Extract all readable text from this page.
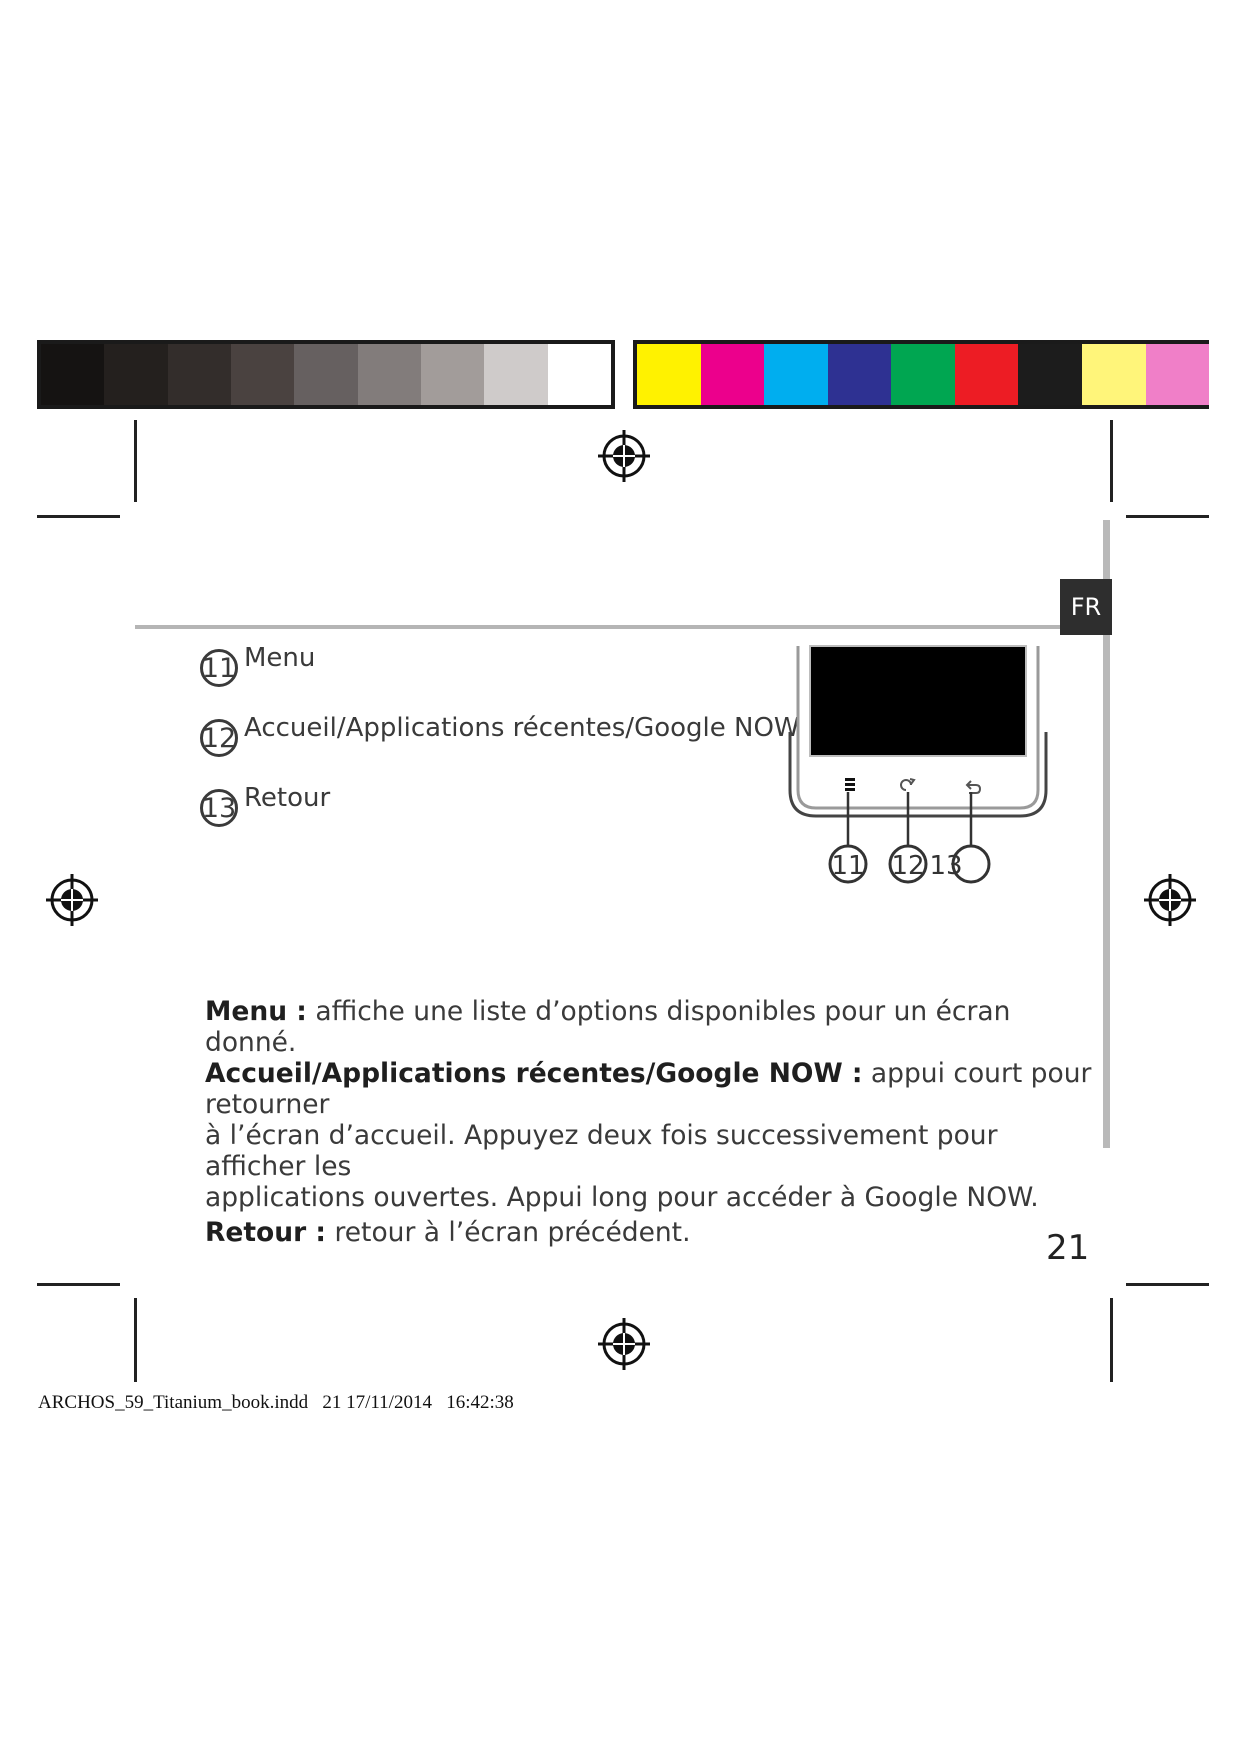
FR
11 Menu
12 Accueil/Applications récentes/Google NOW
13 Retour
11 12 13

Menu : affiche une liste d’options disponibles pour un écran donné.

Accueil/Applications récentes/Google NOW : appui court pour retourner
à l’écran d’accueil. Appuyez deux fois successivement pour afficher les
applications ouvertes. Appui long pour accéder à Google NOW.

Retour : retour à l’écran précédent.	21
ARCHOS_59_Titanium_book.indd   21 17/11/2014   16:42:38
